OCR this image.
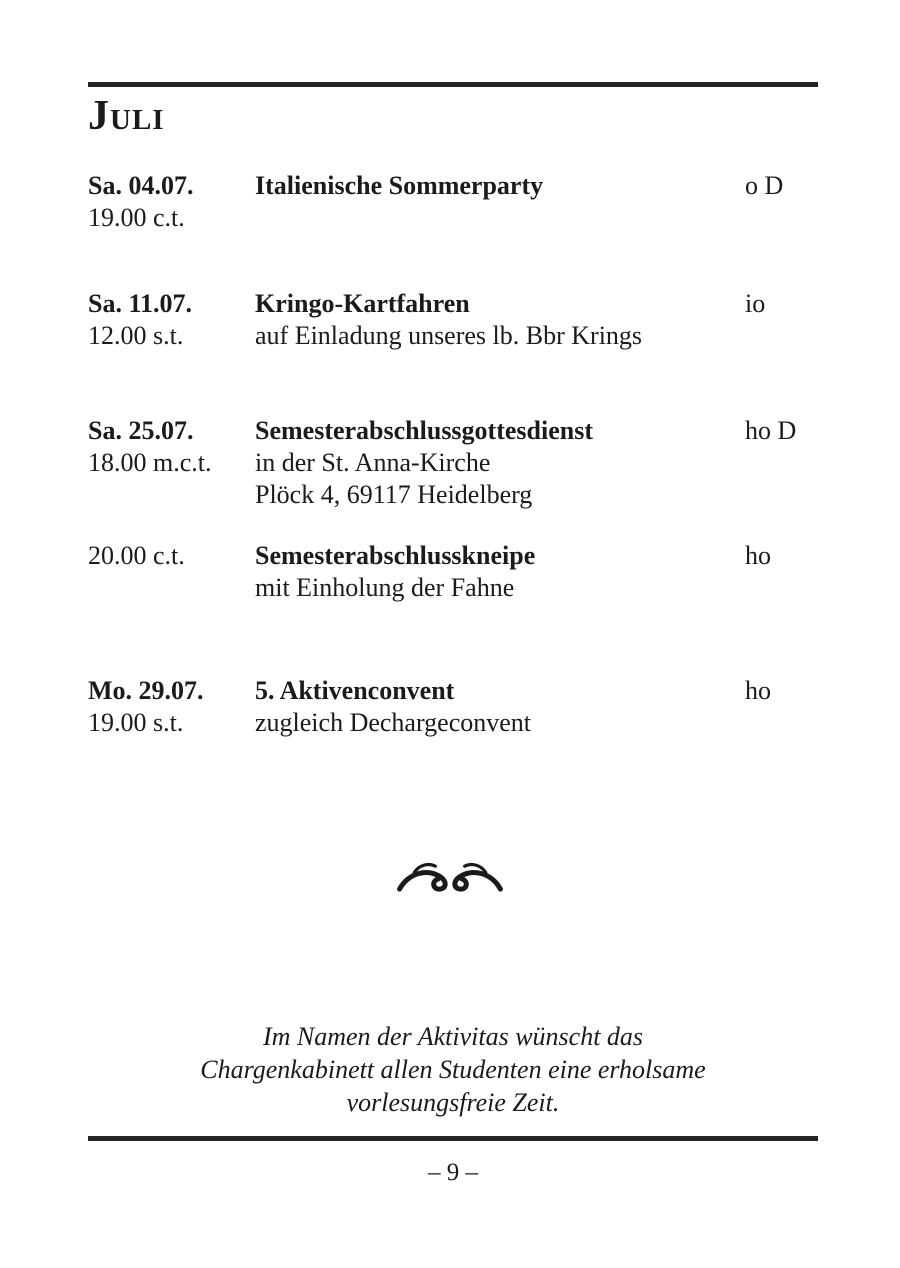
Juli
Sa. 04.07.
19.00 c.t.
Italienische Sommerparty	o D
Sa. 11.07.
12.00 s.t.
Kringo-Kartfahren
auf Einladung unseres lb. Bbr Krings
io
Sa. 25.07.
18.00 m.c.t.
Semesterabschlussgottesdienst
in der St. Anna-Kirche
Plöck 4, 69117 Heidelberg
ho D
20.00 c.t.	Semesterabschlusskneipe
mit Einholung der Fahne
ho
Mo. 29.07.
19.00 s.t.
5. Aktivenconvent
zugleich Dechargeconvent
ho
Im Namen der Aktivitas wünscht das
Chargenkabinett allen Studenten eine erholsame
vorlesungsfreie Zeit.
– 9 –
